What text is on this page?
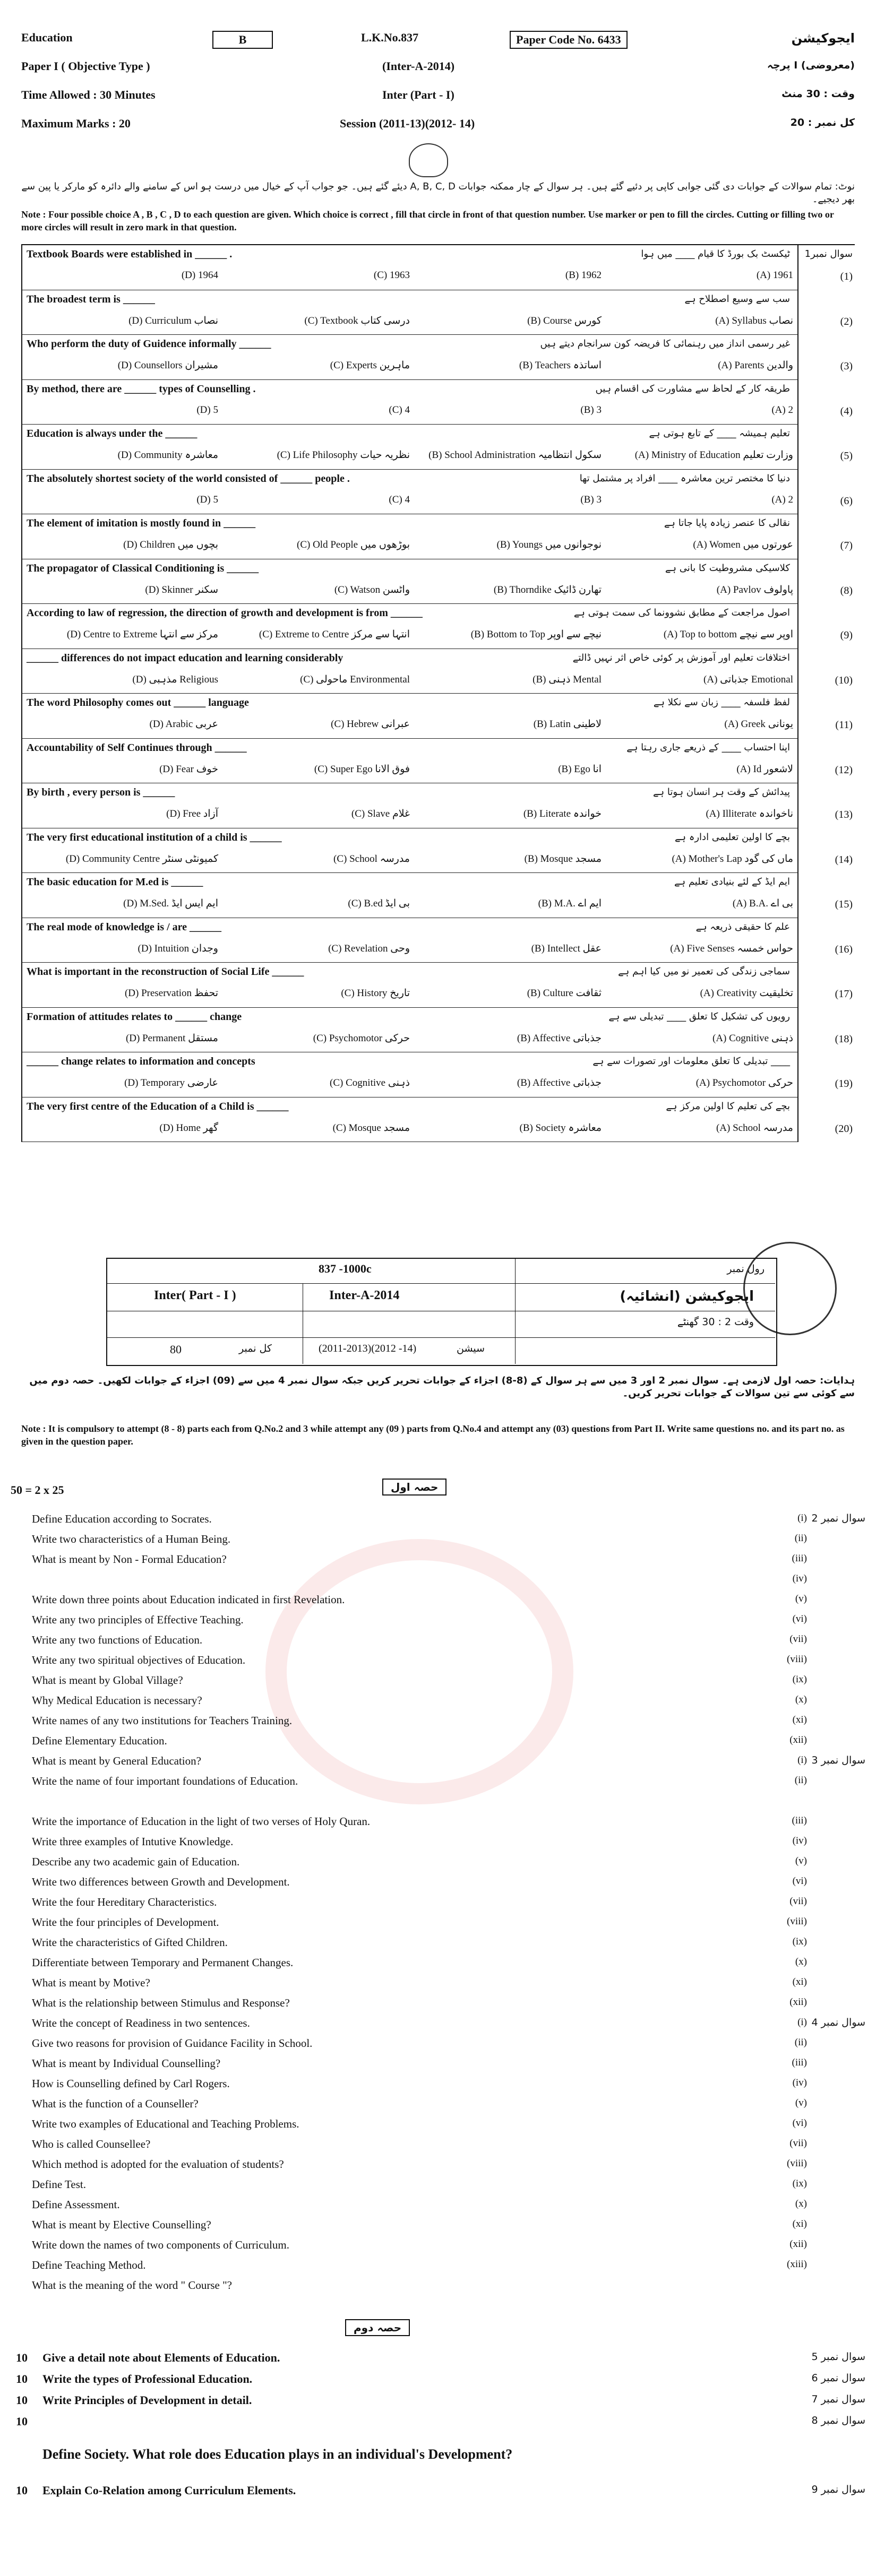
Education	B	L.K.No.837	Paper Code No. 6433	ایجوکیشن
Paper I ( Objective Type )	(Inter-A-2014)	(معروضی) I پرچہ
Time Allowed : 30 Minutes	Inter (Part - I)	وقت : 30 منٹ
Maximum Marks : 20	Session (2011-13)(2012- 14)	کل نمبر : 20
نوٹ: تمام سوالات کے جوابات دی گئی جوابی کاپی پر دئیے گئے ہیں۔ ہر سوال کے چار ممکنہ جوابات A, B, C, D دیئے گئے ہیں۔ جو جواب آپ کے خیال میں درست ہو اس کے سامنے والے دائرہ کو مارکر یا پین سے بھر دیجیے۔
Note : Four possible choice A , B , C , D to each question are given. Which choice is correct , fill that circle in front of that question number. Use marker or pen to fill the circles. Cutting or filling two or more circles will result in zero mark in that question.
سوال نمبر1
(1)
Textbook Boards were established in ______ .	ٹیکسٹ بک بورڈ کا قیام ____ میں ہوا
(A) 1961
(B) 1962
(C) 1963
(D) 1964
(2)
The broadest term is ______	سب سے وسیع اصطلاح ہے
(A) Syllabus نصاب
(B) Course کورس
(C) Textbook درسی کتاب
(D) Curriculum نصاب
(3)
Who perform the duty of Guidence informally ______	غیر رسمی انداز میں رہنمائی کا فریضہ کون سرانجام دیتے ہیں
(A) Parents والدین
(B) Teachers اساتذہ
(C) Experts ماہرین
(D) Counsellors مشیران
(4)
By method, there are ______ types of Counselling .	طریقہ کار کے لحاظ سے مشاورت کی اقسام ہیں
(A) 2
(B) 3
(C) 4
(D) 5
(5)
Education is always under the ______	تعلیم ہمیشہ ____ کے تابع ہوتی ہے
(A) Ministry of Education وزارت تعلیم
(B) School Administration سکول انتظامیہ
(C) Life Philosophy نظریہ حیات
(D) Community معاشرہ
(6)
The absolutely shortest society of the world consisted of ______ people .	دنیا کا مختصر ترین معاشرہ ____ افراد پر مشتمل تھا
(A) 2
(B) 3
(C) 4
(D) 5
(7)
The element of imitation is mostly found in ______	نقالی کا عنصر زیادہ پایا جاتا ہے
(A) Women عورتوں میں
(B) Youngs نوجوانوں میں
(C) Old People بوڑھوں میں
(D) Children بچوں میں
(8)
The propagator of Classical Conditioning is ______	کلاسیکی مشروطیت کا بانی ہے
(A) Pavlov پاولوف
(B) Thorndike تھارن ڈائیک
(C) Watson واٹسن
(D) Skinner سکنر
(9)
According to law of regression, the direction of growth and development is from ______	اصول مراجعت کے مطابق نشوونما کی سمت ہوتی ہے
(A) Top to bottom اوپر سے نیچے
(B) Bottom to Top نیچے سے اوپر
(C) Extreme to Centre انتہا سے مرکز
(D) Centre to Extreme مرکز سے انتہا
(10)
______ differences do not impact education and learning considerably	اختلافات تعلیم اور آموزش پر کوئی خاص اثر نہیں ڈالتے
(A) جذباتی Emotional
(B) ذہنی Mental
(C) ماحولی Environmental
(D) مذہبی Religious
(11)
The word Philosophy comes out ______ language	لفظ فلسفہ ____ زبان سے نکلا ہے
(A) Greek یونانی
(B) Latin لاطینی
(C) Hebrew عبرانی
(D) Arabic عربی
(12)
Accountability of Self Continues through ______	اپنا احتساب ____ کے ذریعے جاری رہتا ہے
(A) Id لاشعور
(B) Ego انا
(C) Super Ego فوق الانا
(D) Fear خوف
(13)
By birth , every person is ______	پیدائش کے وقت ہر انسان ہوتا ہے
(A) Illiterate ناخواندہ
(B) Literate خواندہ
(C) Slave غلام
(D) Free آزاد
(14)
The very first educational institution of a child is ______	بچے کا اولین تعلیمی ادارہ ہے
(A) Mother's Lap ماں کی گود
(B) Mosque مسجد
(C) School مدرسہ
(D) Community Centre کمیونٹی سنٹر
(15)
The basic education for M.ed is ______	ایم ایڈ کے لئے بنیادی تعلیم ہے
(A) B.A. بی اے
(B) M.A. ایم اے
(C) B.ed بی ایڈ
(D) M.Sed. ایم ایس ایڈ
(16)
The real mode of knowledge is / are ______	علم کا حقیقی ذریعہ ہے
(A) Five Senses حواس خمسہ
(B) Intellect عقل
(C) Revelation وحی
(D) Intuition وجدان
(17)
What is important in the reconstruction of Social Life ______	سماجی زندگی کی تعمیر نو میں کیا اہم ہے
(A) Creativity تخلیقیت
(B) Culture ثقافت
(C) History تاریخ
(D) Preservation تحفظ
(18)
Formation of attitudes relates to ______ change	رویوں کی تشکیل کا تعلق ____ تبدیلی سے ہے
(A) Cognitive ذہنی
(B) Affective جذباتی
(C) Psychomotor حرکی
(D) Permanent مستقل
(19)
______ change relates to information and concepts	____ تبدیلی کا تعلق معلومات اور تصورات سے ہے
(A) Psychomotor حرکی
(B) Affective جذباتی
(C) Cognitive ذہنی
(D) Temporary عارضی
(20)
The very first centre of the Education of a Child is ______	بچے کی تعلیم کا اولین مرکز ہے
(A) School مدرسہ
(B) Society معاشرہ
(C) Mosque مسجد
(D) Home گھر
رول نمبر
837 -1000c
ایجوکیشن (انشائیہ)
Inter( Part - I )	Inter-A-2014
وقت 2 : 30 گھنٹے
80	کل نمبر	(2011-2013)(2012 -14)	سیشن
ہدایات: حصہ اول لازمی ہے۔ سوال نمبر 2 اور 3 میں سے ہر سوال کے (8-8) اجزاء کے جوابات تحریر کریں جبکہ سوال نمبر 4 میں سے (09) اجزاء کے جوابات لکھیں۔ حصہ دوم میں سے کوئی سے تین سوالات کے جوابات تحریر کریں۔
Note : It is compulsory to attempt (8 - 8) parts each from Q.No.2 and 3 while attempt any (09 ) parts from Q.No.4 and attempt any (03) questions from Part II. Write same questions no. and its part no. as given in the question paper.
50 = 2 x 25	حصہ اول
Define Education according to Socrates.	(i) سوال نمبر 2
Write two characteristics of a Human Being.	(ii)
What is meant by Non - Formal Education?	(iii)
(iv)
Write down three points about Education indicated in first Revelation.	(v)
Write any two principles of Effective Teaching.	(vi)
Write any two functions of Education.	(vii)
Write any two spiritual objectives of Education.	(viii)
What is meant by Global Village?	(ix)
Why Medical Education is necessary?	(x)
Write names of any two institutions for Teachers Training.	(xi)
Define Elementary Education.	(xii)
What is meant by General Education?	(i) سوال نمبر 3
Write the name of four important foundations of Education.	(ii)
Write the importance of Education in the light of two verses of Holy Quran.	(iii)
Write three examples of Intutive Knowledge.	(iv)
Describe any two academic gain of Education.	(v)
Write two differences between Growth and Development.	(vi)
Write the four Hereditary Characteristics.	(vii)
Write the four principles of Development.	(viii)
Write the characteristics of Gifted Children.	(ix)
Differentiate between Temporary and Permanent Changes.	(x)
What is meant by Motive?	(xi)
What is the relationship between Stimulus and Response?	(xii)
Write the concept of Readiness in two sentences.	(i) سوال نمبر 4
Give two reasons for provision of Guidance Facility in School.	(ii)
What is meant by Individual Counselling?	(iii)
How is Counselling defined by Carl Rogers.	(iv)
What is the function of a Counseller?	(v)
Write two examples of Educational and Teaching Problems.	(vi)
Who is called Counsellee?	(vii)
Which method is adopted for the evaluation of students?	(viii)
Define Test.	(ix)
Define Assessment.	(x)
What is meant by Elective Counselling?	(xi)
Write down the names of two components of Curriculum.	(xii)
Define Teaching Method.	(xiii)
What is the meaning of the word " Course "?
حصہ دوم
10 Give a detail note about Elements of Education.	سوال نمبر 5
10 Write the types of Professional Education.	سوال نمبر 6
10 Write Principles of Development in detail.	سوال نمبر 7
10	سوال نمبر 8
Define Society. What role does Education plays in an individual's Development?
10 Explain Co-Relation among Curriculum Elements.	سوال نمبر 9
